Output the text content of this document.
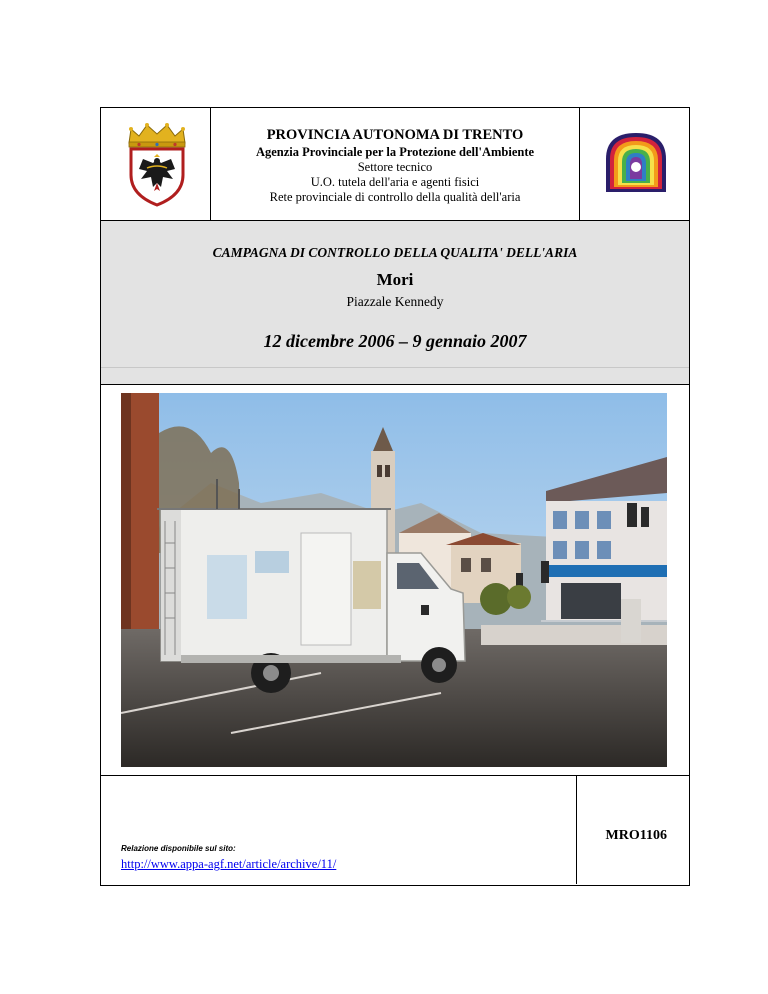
PROVINCIA AUTONOMA DI TRENTO
Agenzia Provinciale per la Protezione dell'Ambiente
Settore tecnico
U.O. tutela dell'aria e agenti fisici
Rete provinciale di controllo della qualità dell'aria
CAMPAGNA DI CONTROLLO DELLA QUALITA' DELL'ARIA
Mori
Piazzale Kennedy
12 dicembre 2006 – 9 gennaio 2007
Relazione disponibile sul sito:
http://www.appa-agf.net/article/archive/11/
MRO1106
